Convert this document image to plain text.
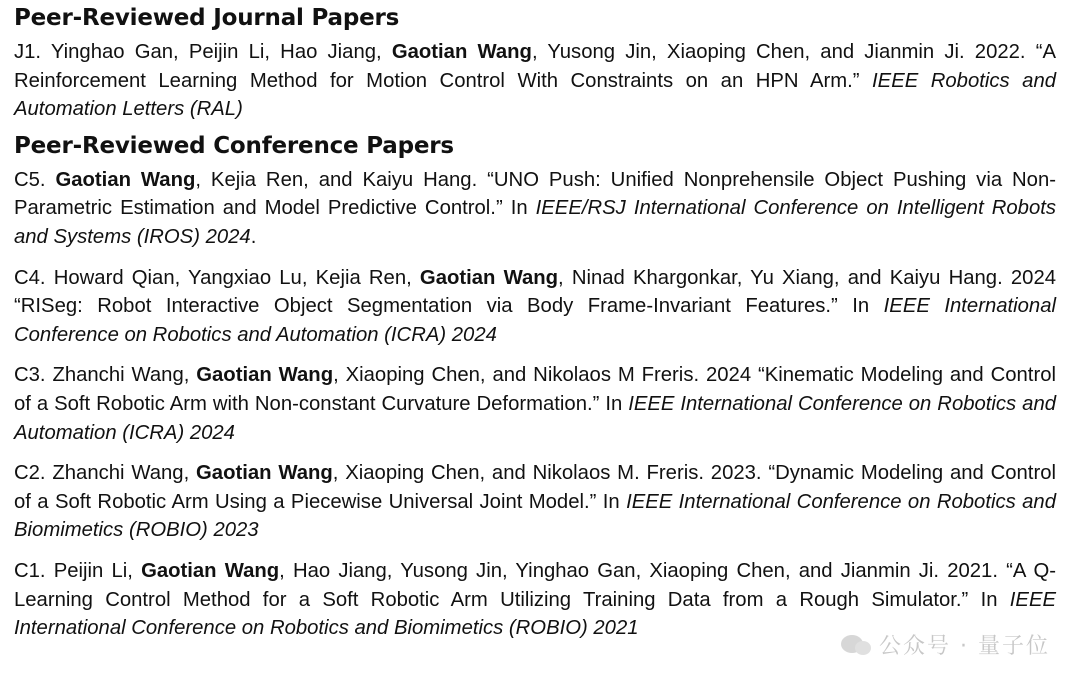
Peer-Reviewed Journal Papers

J1. Yinghao Gan, Peijin Li, Hao Jiang, Gaotian Wang, Yusong Jin, Xiaoping Chen, and Jianmin Ji. 2022. “A Reinforcement Learning Method for Motion Control With Constraints on an HPN Arm.” IEEE Robotics and Automation Letters (RAL)

Peer-Reviewed Conference Papers

C5. Gaotian Wang, Kejia Ren, and Kaiyu Hang. “UNO Push: Unified Nonprehensile Object Pushing via Non-Parametric Estimation and Model Predictive Control.” In IEEE/RSJ International Conference on Intelligent Robots and Systems (IROS) 2024.

C4. Howard Qian, Yangxiao Lu, Kejia Ren, Gaotian Wang, Ninad Khargonkar, Yu Xiang, and Kaiyu Hang. 2024 “RISeg: Robot Interactive Object Segmentation via Body Frame-Invariant Features.” In IEEE International Conference on Robotics and Automation (ICRA) 2024

C3. Zhanchi Wang, Gaotian Wang, Xiaoping Chen, and Nikolaos M Freris. 2024 “Kinematic Modeling and Control of a Soft Robotic Arm with Non-constant Curvature Deformation.” In IEEE International Conference on Robotics and Automation (ICRA) 2024

C2. Zhanchi Wang, Gaotian Wang, Xiaoping Chen, and Nikolaos M. Freris. 2023. “Dynamic Modeling and Control of a Soft Robotic Arm Using a Piecewise Universal Joint Model.” In IEEE International Conference on Robotics and Biomimetics (ROBIO) 2023

C1. Peijin Li, Gaotian Wang, Hao Jiang, Yusong Jin, Yinghao Gan, Xiaoping Chen, and Jianmin Ji. 2021. “A Q-Learning Control Method for a Soft Robotic Arm Utilizing Training Data from a Rough Simulator.” In IEEE International Conference on Robotics and Biomimetics (ROBIO) 2021

公众号 · 量子位
